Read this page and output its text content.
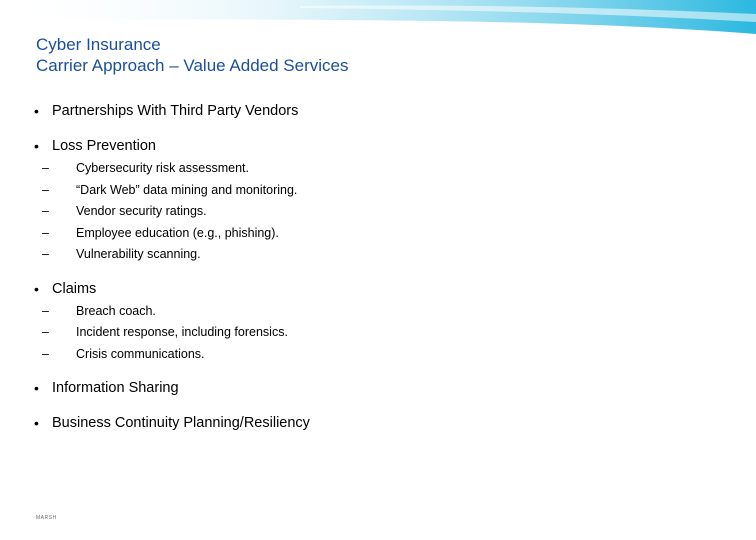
Cyber Insurance
Carrier Approach – Value Added Services
• Partnerships With Third Party Vendors
• Loss Prevention
– Cybersecurity risk assessment.
– “Dark Web” data mining and monitoring.
– Vendor security ratings.
– Employee education (e.g., phishing).
– Vulnerability scanning.
• Claims
– Breach coach.
– Incident response, including forensics.
– Crisis communications.
• Information Sharing
• Business Continuity Planning/Resiliency
MARSH
